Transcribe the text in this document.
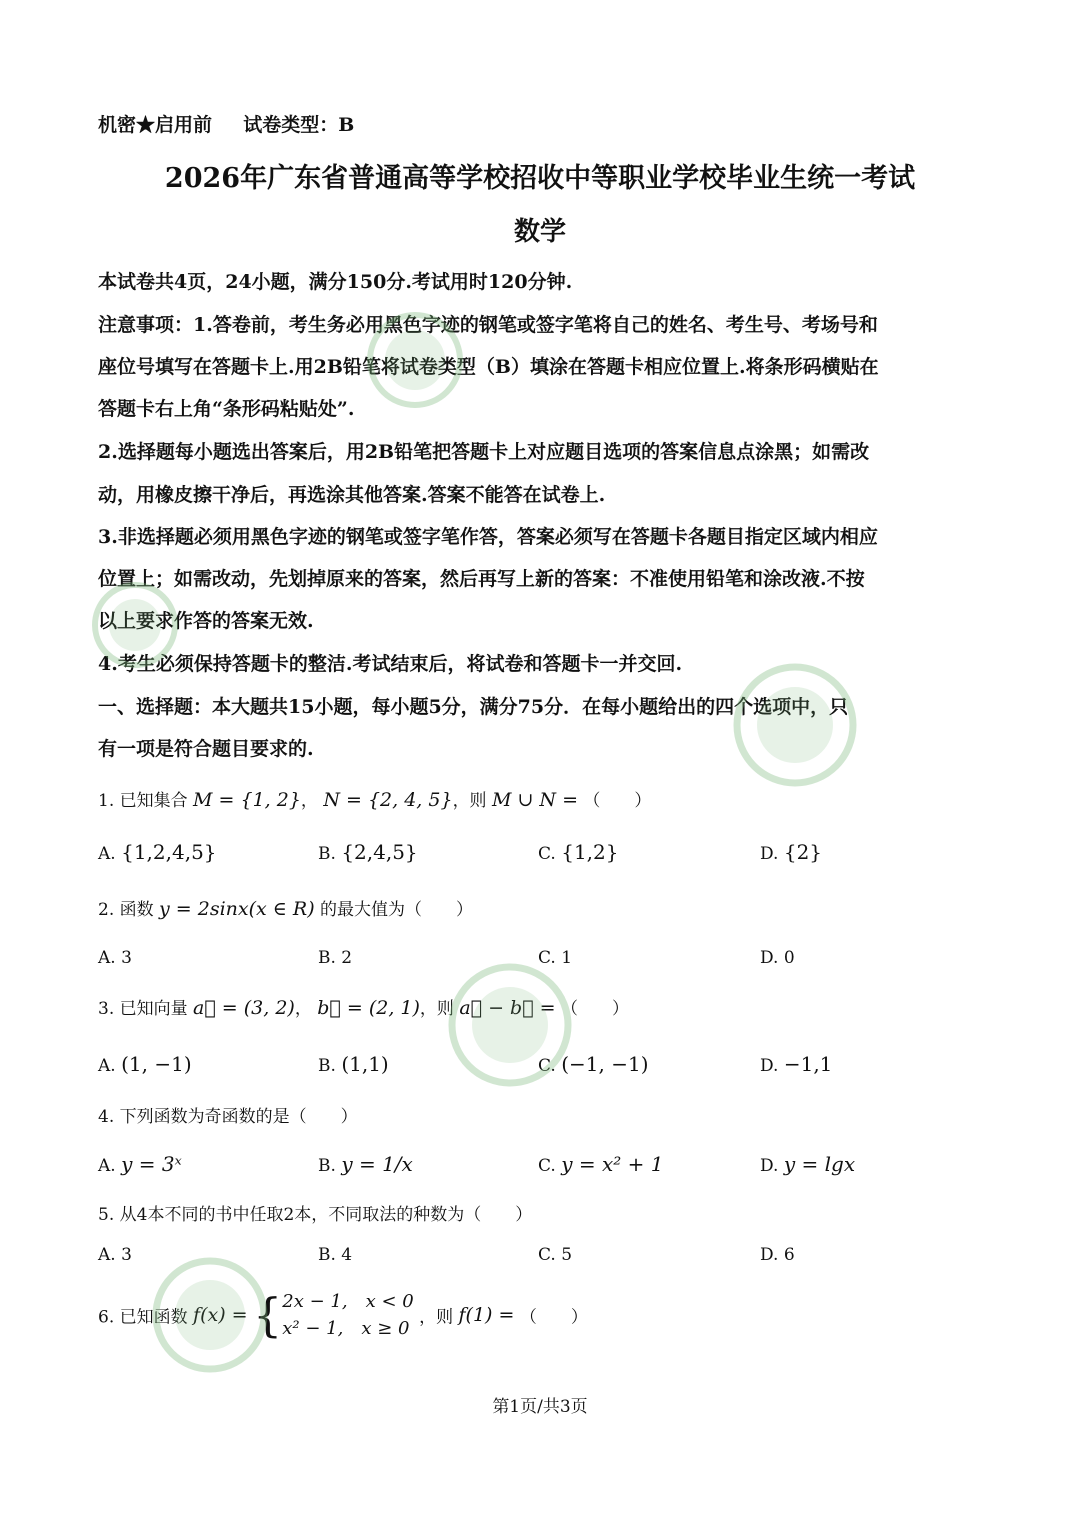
机密★启用前 试卷类型：B
2026年广东省普通高等学校招收中等职业学校毕业生统一考试
数学
本试卷共4页，24小题，满分150分.考试用时120分钟.
注意事项：1.答卷前，考生务必用黑色字迹的钢笔或签字笔将自己的姓名、考生号、考场号和
座位号填写在答题卡上.用2B铅笔将试卷类型（B）填涂在答题卡相应位置上.将条形码横贴在
答题卡右上角“条形码粘贴处”.
2.选择题每小题选出答案后，用2B铅笔把答题卡上对应题目选项的答案信息点涂黑；如需改
动，用橡皮擦干净后，再选涂其他答案.答案不能答在试卷上.
3.非选择题必须用黑色字迹的钢笔或签字笔作答，答案必须写在答题卡各题目指定区域内相应
位置上；如需改动，先划掉原来的答案，然后再写上新的答案：不准使用铅笔和涂改液.不按
以上要求作答的答案无效.
4.考生必须保持答题卡的整洁.考试结束后，将试卷和答题卡一并交回.
一、选择题：本大题共15小题，每小题5分，满分75分．在每小题给出的四个选项中，只
有一项是符合题目要求的.
1. 已知集合 M = {1, 2}， N = {2, 4, 5}，则 M ∪ N = （　　）
A. {1,2,4,5}	B. {2,4,5}	C. {1,2}	D. {2}
2. 函数 y = 2sinx(x ∈ R) 的最大值为（　　）
A. 3	B. 2	C. 1	D. 0
3. 已知向量 a⃗ = (3, 2)， b⃗ = (2, 1)，则 a⃗ − b⃗ = （　　）
A. (1, −1)	B. (1,1)	C. (−1, −1)	D. −1,1
4. 下列函数为奇函数的是（　　）
A. y = 3ˣ	B. y = 1/x	C. y = x² + 1	D. y = lgx
5. 从4本不同的书中任取2本，不同取法的种数为（　　）
A. 3	B. 4	C. 5	D. 6
6. 已知函数 f(x) = { 2x − 1,　x < 0
x² − 1,　x ≥ 0
，则 f(1) = （　　）
第1页/共3页
